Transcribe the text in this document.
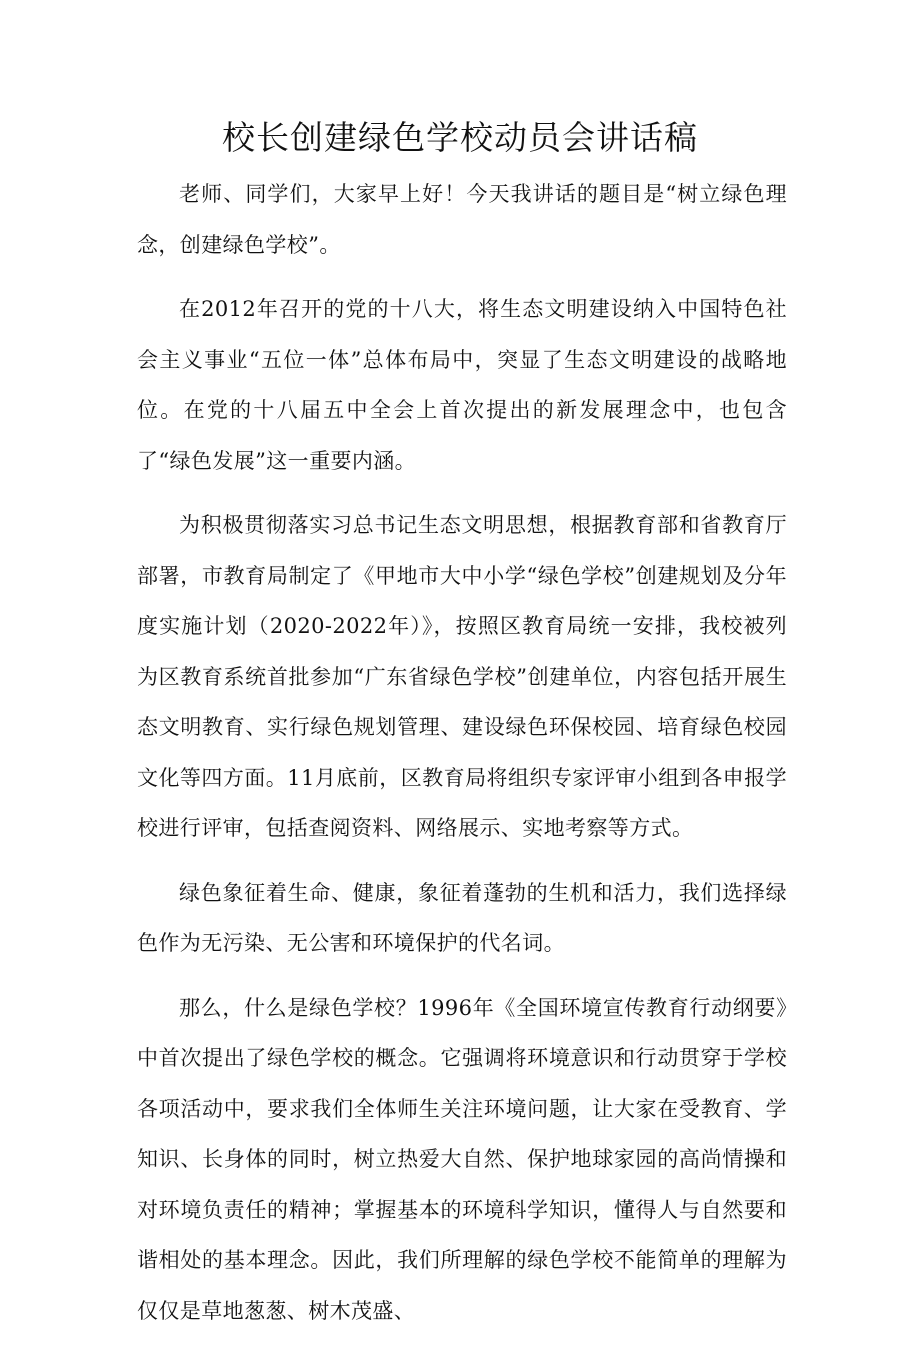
校长创建绿色学校动员会讲话稿

老师、同学们，大家早上好！今天我讲话的题目是“树立绿色理念，创建绿色学校”。

在2012年召开的党的十八大，将生态文明建设纳入中国特色社会主义事业“五位一体”总体布局中，突显了生态文明建设的战略地位。在党的十八届五中全会上首次提出的新发展理念中，也包含了“绿色发展”这一重要内涵。

为积极贯彻落实习总书记生态文明思想，根据教育部和省教育厅部署，市教育局制定了《甲地市大中小学“绿色学校”创建规划及分年度实施计划（2020-2022年）》，按照区教育局统一安排，我校被列为区教育系统首批参加“广东省绿色学校”创建单位，内容包括开展生态文明教育、实行绿色规划管理、建设绿色环保校园、培育绿色校园文化等四方面。11月底前，区教育局将组织专家评审小组到各申报学校进行评审，包括查阅资料、网络展示、实地考察等方式。

绿色象征着生命、健康，象征着蓬勃的生机和活力，我们选择绿色作为无污染、无公害和环境保护的代名词。

那么，什么是绿色学校？1996年《全国环境宣传教育行动纲要》中首次提出了绿色学校的概念。它强调将环境意识和行动贯穿于学校各项活动中，要求我们全体师生关注环境问题，让大家在受教育、学知识、长身体的同时，树立热爱大自然、保护地球家园的高尚情操和对环境负责任的精神；掌握基本的环境科学知识，懂得人与自然要和谐相处的基本理念。因此，我们所理解的绿色学校不能简单的理解为仅仅是草地葱葱、树木茂盛、
